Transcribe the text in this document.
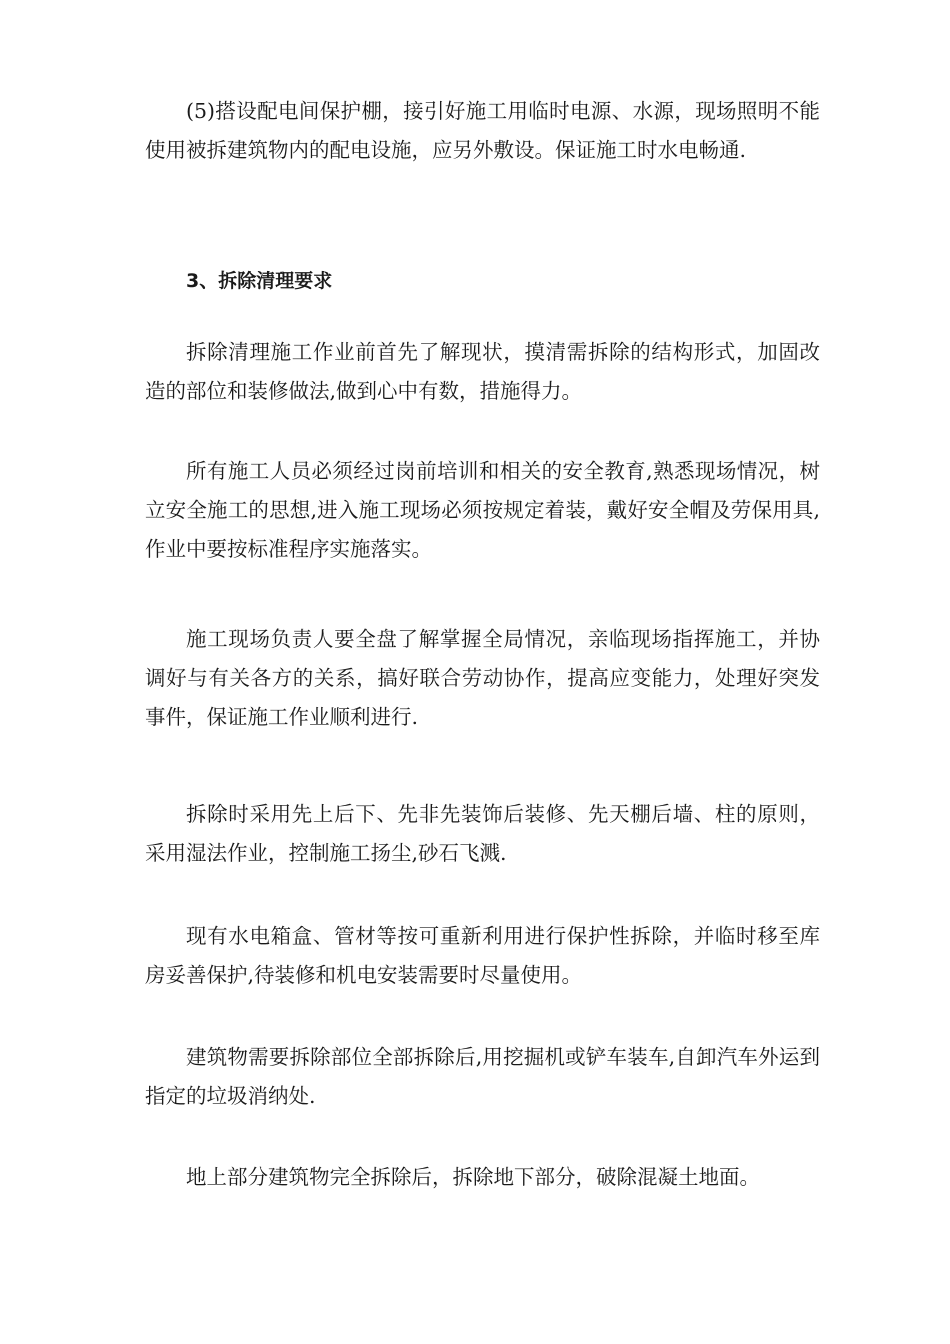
(5)搭设配电间保护棚，接引好施工用临时电源、水源，现场照明不能使用被拆建筑物内的配电设施，应另外敷设。保证施工时水电畅通.

3、拆除清理要求

拆除清理施工作业前首先了解现状，摸清需拆除的结构形式，加固改造的部位和装修做法,做到心中有数，措施得力。

所有施工人员必须经过岗前培训和相关的安全教育,熟悉现场情况，树立安全施工的思想,进入施工现场必须按规定着装，戴好安全帽及劳保用具,作业中要按标准程序实施落实。

施工现场负责人要全盘了解掌握全局情况，亲临现场指挥施工，并协调好与有关各方的关系，搞好联合劳动协作，提高应变能力，处理好突发事件，保证施工作业顺利进行.

拆除时采用先上后下、先非先装饰后装修、先天棚后墙、柱的原则，采用湿法作业，控制施工扬尘,砂石飞溅.

现有水电箱盒、管材等按可重新利用进行保护性拆除，并临时移至库房妥善保护,待装修和机电安装需要时尽量使用。

建筑物需要拆除部位全部拆除后,用挖掘机或铲车装车,自卸汽车外运到指定的垃圾消纳处.

地上部分建筑物完全拆除后，拆除地下部分，破除混凝土地面。
